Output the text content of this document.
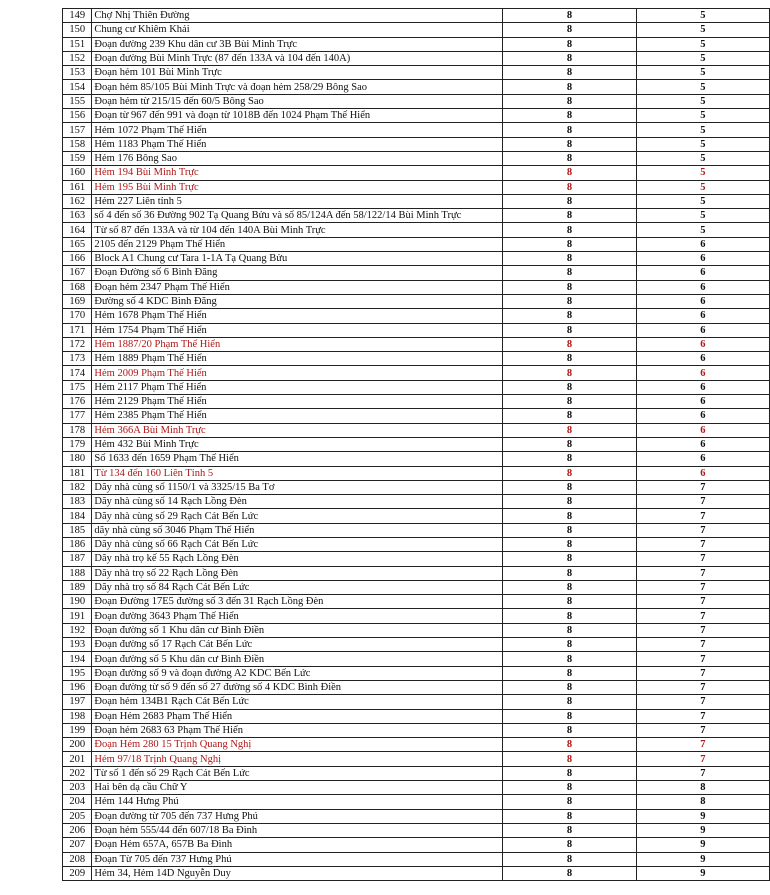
149	Chợ Nhị Thiên Đường	8	5
150	Chung cư Khiêm Khải	8	5
151	Đoạn đường 239 Khu dân cư 3B Bùi Minh Trực	8	5
152	Đoạn đường Bùi Minh Trực (87 đến 133A và 104 đến 140A)	8	5
153	Đoạn hẻm 101 Bùi Minh Trực	8	5
154	Đoạn hẻm 85/105 Bùi Minh Trực và đoạn hẻm 258/29 Bông Sao	8	5
155	Đoạn hẻm từ 215/15 đến 60/5 Bông Sao	8	5
156	Đoạn từ 967 đến 991 và đoạn từ 1018B đến 1024 Phạm Thế Hiển	8	5
157	Hẻm 1072 Phạm Thế Hiển	8	5
158	Hẻm 1183 Phạm Thế Hiển	8	5
159	Hẻm 176 Bông Sao	8	5
160	Hẻm 194 Bùi Minh Trực	8	5
161	Hẻm 195 Bùi Minh Trực	8	5
162	Hẻm 227 Liên tỉnh 5	8	5
163	số 4 đến số 36 Đường 902 Tạ Quang Bửu và số 85/124A đến 58/122/14 Bùi Minh Trực	8	5
164	Từ số 87 đến 133A và từ 104 đến 140A Bùi Minh Trực	8	5
165	2105 đến 2129 Phạm Thế Hiển	8	6
166	Block A1 Chung cư Tara 1-1A Tạ Quang Bửu	8	6
167	Đoạn Đường số 6 Bình Đăng	8	6
168	Đoạn hẻm 2347 Phạm Thế Hiển	8	6
169	Đường số 4 KDC Bình Đăng	8	6
170	Hẻm 1678 Phạm Thế Hiển	8	6
171	Hẻm 1754 Phạm Thế Hiển	8	6
172	Hẻm 1887/20 Phạm Thế Hiển	8	6
173	Hẻm 1889 Phạm Thế Hiển	8	6
174	Hẻm 2009 Phạm Thế Hiển	8	6
175	Hẻm 2117 Phạm Thế Hiển	8	6
176	Hẻm 2129 Phạm Thế Hiển	8	6
177	Hẻm 2385 Phạm Thế Hiển	8	6
178	Hẻm 366A Bùi Minh Trực	8	6
179	Hẻm 432 Bùi Minh Trực	8	6
180	Số 1633 đến 1659 Phạm Thế Hiển	8	6
181	Từ 134 đến 160 Liên Tỉnh 5	8	6
182	Dãy nhà cùng số 1150/1 và 3325/15 Ba Tơ	8	7
183	Dãy nhà cùng số 14 Rạch Lồng Đèn	8	7
184	Dãy nhà cùng số 29 Rạch Cát Bến Lức	8	7
185	dãy nhà cùng số 3046 Phạm Thế Hiển	8	7
186	Dãy nhà cùng số 66 Rạch Cát Bến Lức	8	7
187	Dãy nhà trọ kế 55 Rạch Lồng Đèn	8	7
188	Dãy nhà trọ số 22 Rạch Lồng Đèn	8	7
189	Dãy nhà trọ số 84 Rạch Cát Bến Lức	8	7
190	Đoạn Đường 17E5 đường số 3 đến 31 Rạch Lồng Đèn	8	7
191	Đoạn đường 3643 Phạm Thế Hiển	8	7
192	Đoạn đường số 1 Khu dân cư Bình Điền	8	7
193	Đoạn đường số 17 Rạch Cát Bến Lức	8	7
194	Đoạn đường số 5 Khu dân cư Bình Điền	8	7
195	Đoạn đường số 9 và đoạn đường A2 KDC Bến Lức	8	7
196	Đoạn đường từ số 9 đến số 27 đường số 4 KDC Bình Điền	8	7
197	Đoạn hẻm 134B1 Rạch Cát Bến Lức	8	7
198	Đoạn Hẻm 2683 Phạm Thế Hiển	8	7
199	Đoạn hẻm 2683 63 Phạm Thế Hiển	8	7
200	Đoạn Hẻm 280 15 Trịnh Quang Nghị	8	7
201	Hẻm 97/18 Trịnh Quang Nghị	8	7
202	Từ số 1 đến số 29 Rạch Cát Bến Lức	8	7
203	Hai bên dạ cầu Chữ Y	8	8
204	Hẻm 144 Hưng Phú	8	8
205	Đoạn đường từ 705 đến 737 Hưng Phú	8	9
206	Đoạn hẻm 555/44 đến 607/18 Ba Đình	8	9
207	Đoạn Hẻm 657A, 657B Ba Đình	8	9
208	Đoạn Từ 705 đến 737 Hưng Phú	8	9
209	Hẻm 34, Hẻm 14D Nguyễn Duy	8	9
